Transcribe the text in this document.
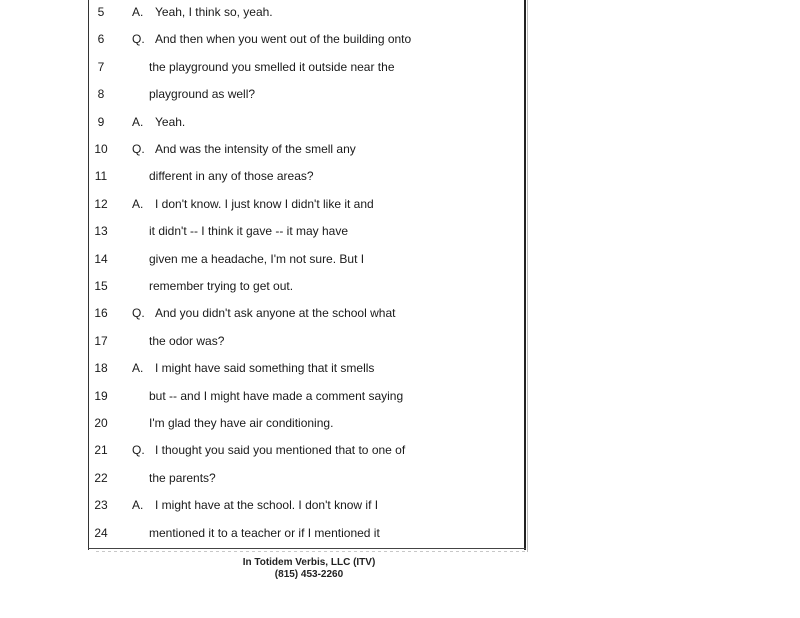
5	A. Yeah, I think so, yeah.
6	Q. And then when you went out of the building onto
7	the playground you smelled it outside near the
8	playground as well?
9	A. Yeah.
10	Q. And was the intensity of the smell any
11	different in any of those areas?
12	A. I don't know. I just know I didn't like it and
13	it didn't -- I think it gave -- it may have
14	given me a headache, I'm not sure. But I
15	remember trying to get out.
16	Q. And you didn't ask anyone at the school what
17	the odor was?
18	A. I might have said something that it smells
19	but -- and I might have made a comment saying
20	I'm glad they have air conditioning.
21	Q. I thought you said you mentioned that to one of
22	the parents?
23	A. I might have at the school. I don't know if I
24	mentioned it to a teacher or if I mentioned it
In Totidem Verbis, LLC (ITV)
(815) 453-2260
